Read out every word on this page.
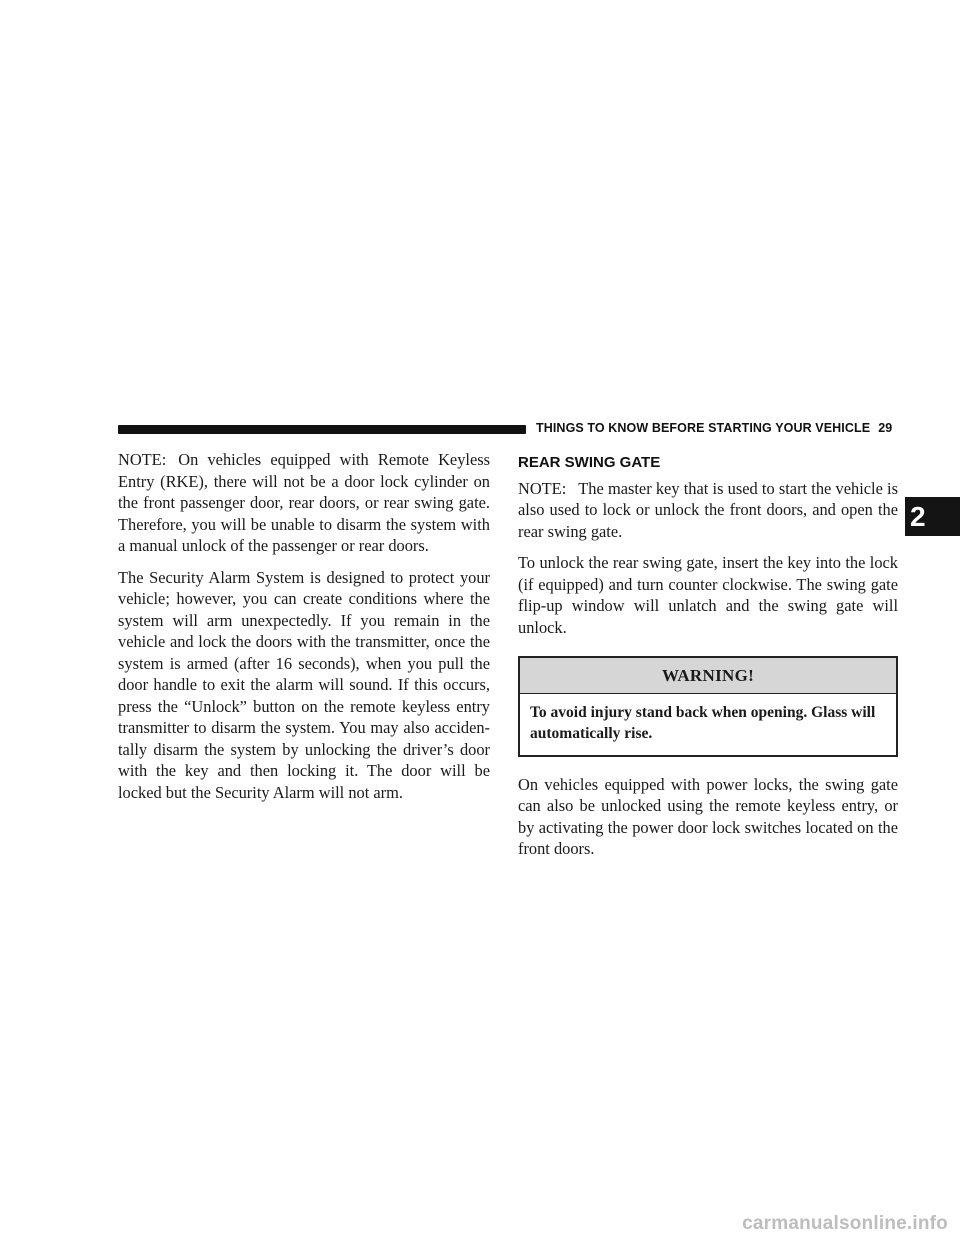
THINGS TO KNOW BEFORE STARTING YOUR VEHICLE 29
2

NOTE: On vehicles equipped with Remote Keyless Entry (RKE), there will not be a door lock cylinder on the front passenger door, rear doors, or rear swing gate. Therefore, you will be unable to disarm the system with a manual unlock of the passenger or rear doors.

The Security Alarm System is designed to protect your vehicle; however, you can create conditions where the system will arm unexpectedly. If you remain in the vehicle and lock the doors with the transmitter, once the system is armed (after 16 seconds), when you pull the door handle to exit the alarm will sound. If this occurs, press the “Unlock” button on the remote keyless entry transmitter to disarm the system. You may also acciden-tally disarm the system by unlocking the driver’s door with the key and then locking it. The door will be locked but the Security Alarm will not arm.

REAR SWING GATE

NOTE: The master key that is used to start the vehicle is also used to lock or unlock the front doors, and open the rear swing gate.

To unlock the rear swing gate, insert the key into the lock (if equipped) and turn counter clockwise. The swing gate flip-up window will unlatch and the swing gate will unlock.

WARNING!
To avoid injury stand back when opening. Glass will automatically rise.

On vehicles equipped with power locks, the swing gate can also be unlocked using the remote keyless entry, or by activating the power door lock switches located on the front doors.

carmanualsonline.info
